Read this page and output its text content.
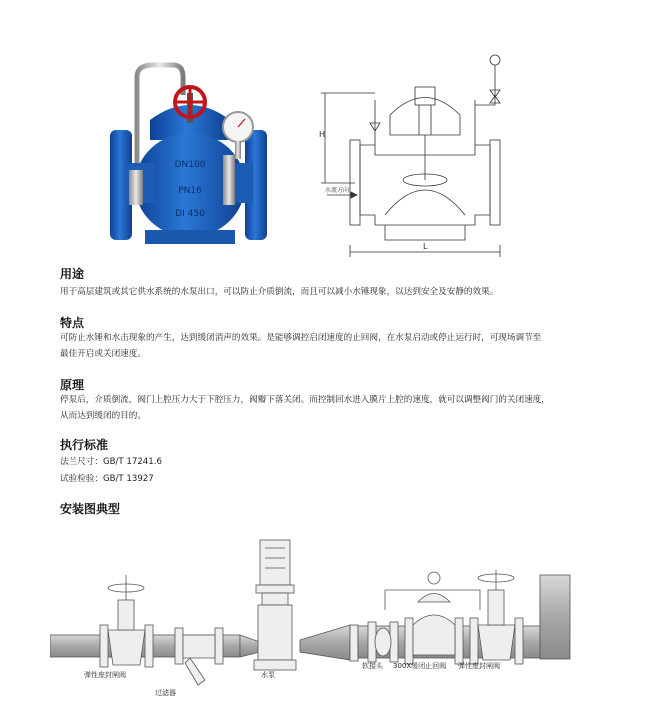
DN100
PN16
DI 450
H
L
水流方向
用途
用于高层建筑或其它供水系统的水泵出口，可以防止介质倒流，而且可以减小水锤现象，以达到安全及安静的效果。
特点
可防止水锤和水击现象的产生，达到缓闭消声的效果。是能够调控启闭速度的止回阀，在水泵启动或停止运行时，可现场调节至
最佳开启或关闭速度。
原理
停泵后，介质倒流，阀门上腔压力大于下腔压力，阀瓣下落关闭。而控制回水进入膜片上腔的速度，就可以调整阀门的关闭速度，
从而达到缓闭的目的。
执行标准
法兰尺寸：GB/T 17241.6
试验检验：GB/T 13927
安装图典型
弹性座封闸阀
过滤器
水泵
软接头 300X缓闭止回阀 弹性座封闸阀
